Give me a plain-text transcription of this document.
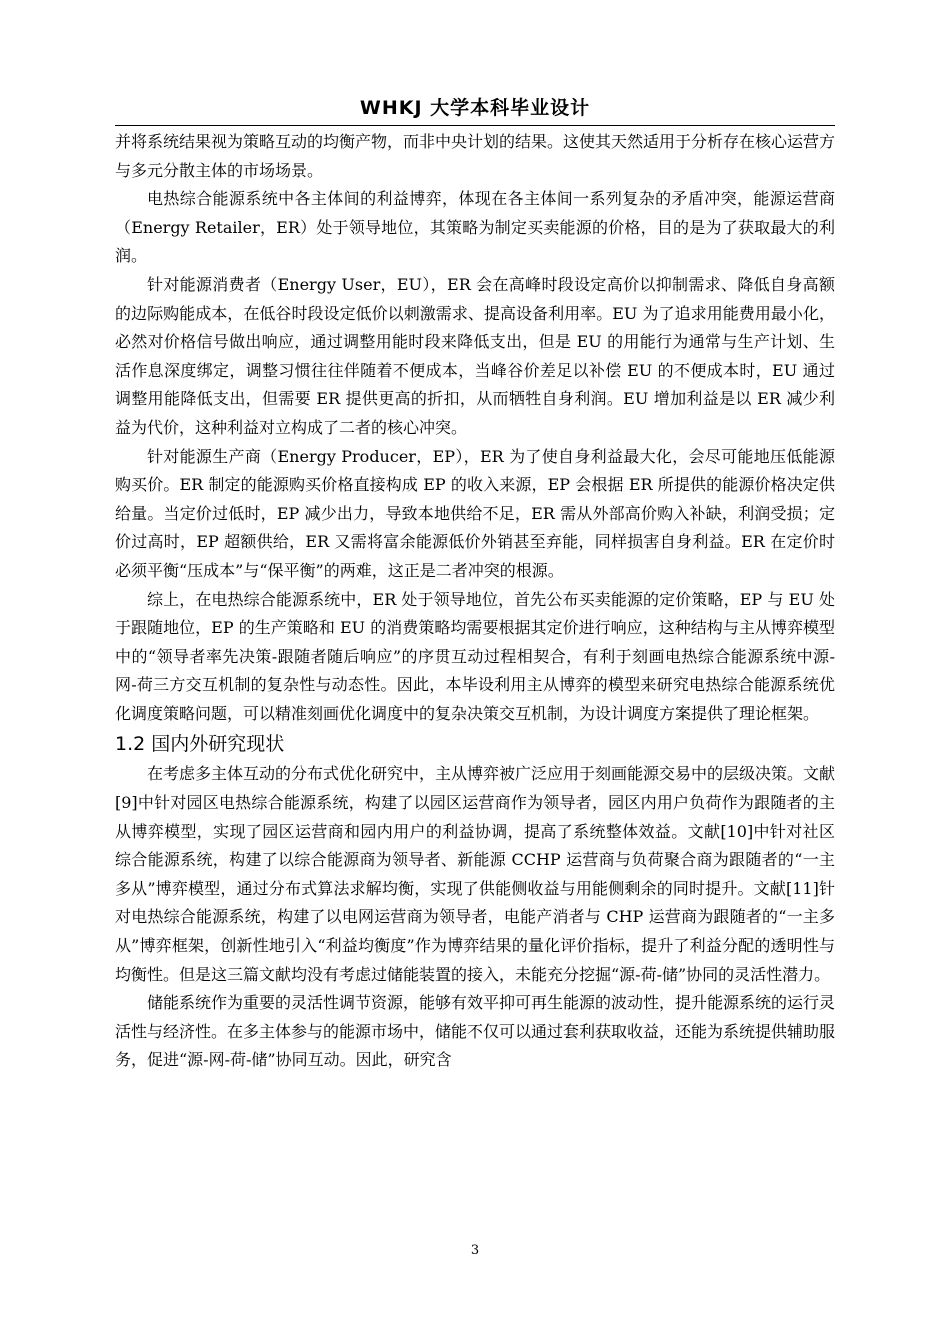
WHKJ 大学本科毕业设计

并将系统结果视为策略互动的均衡产物，而非中央计划的结果。这使其天然适用于分析存在核心运营方与多元分散主体的市场场景。

电热综合能源系统中各主体间的利益博弈，体现在各主体间一系列复杂的矛盾冲突，能源运营商（Energy Retailer，ER）处于领导地位，其策略为制定买卖能源的价格，目的是为了获取最大的利润。

针对能源消费者（Energy User，EU），ER 会在高峰时段设定高价以抑制需求、降低自身高额的边际购能成本，在低谷时段设定低价以刺激需求、提高设备利用率。EU 为了追求用能费用最小化，必然对价格信号做出响应，通过调整用能时段来降低支出，但是 EU 的用能行为通常与生产计划、生活作息深度绑定，调整习惯往往伴随着不便成本，当峰谷价差足以补偿 EU 的不便成本时，EU 通过调整用能降低支出，但需要 ER 提供更高的折扣，从而牺牲自身利润。EU 增加利益是以 ER 减少利益为代价，这种利益对立构成了二者的核心冲突。

针对能源生产商（Energy Producer，EP），ER 为了使自身利益最大化，会尽可能地压低能源购买价。ER 制定的能源购买价格直接构成 EP 的收入来源，EP 会根据 ER 所提供的能源价格决定供给量。当定价过低时，EP 减少出力，导致本地供给不足，ER 需从外部高价购入补缺，利润受损；定价过高时，EP 超额供给，ER 又需将富余能源低价外销甚至弃能，同样损害自身利益。ER 在定价时必须平衡“压成本”与“保平衡”的两难，这正是二者冲突的根源。

综上，在电热综合能源系统中，ER 处于领导地位，首先公布买卖能源的定价策略，EP 与 EU 处于跟随地位，EP 的生产策略和 EU 的消费策略均需要根据其定价进行响应，这种结构与主从博弈模型中的“领导者率先决策-跟随者随后响应”的序贯互动过程相契合，有利于刻画电热综合能源系统中源-网-荷三方交互机制的复杂性与动态性。因此，本毕设利用主从博弈的模型来研究电热综合能源系统优化调度策略问题，可以精准刻画优化调度中的复杂决策交互机制，为设计调度方案提供了理论框架。

1.2 国内外研究现状

在考虑多主体互动的分布式优化研究中，主从博弈被广泛应用于刻画能源交易中的层级决策。文献[9]中针对园区电热综合能源系统，构建了以园区运营商作为领导者，园区内用户负荷作为跟随者的主从博弈模型，实现了园区运营商和园内用户的利益协调，提高了系统整体效益。文献[10]中针对社区综合能源系统，构建了以综合能源商为领导者、新能源 CCHP 运营商与负荷聚合商为跟随者的“一主多从”博弈模型，通过分布式算法求解均衡，实现了供能侧收益与用能侧剩余的同时提升。文献[11]针对电热综合能源系统，构建了以电网运营商为领导者，电能产消者与 CHP 运营商为跟随者的“一主多从”博弈框架，创新性地引入“利益均衡度”作为博弈结果的量化评价指标，提升了利益分配的透明性与均衡性。但是这三篇文献均没有考虑过储能装置的接入，未能充分挖掘“源-荷-储”协同的灵活性潜力。

储能系统作为重要的灵活性调节资源，能够有效平抑可再生能源的波动性，提升能源系统的运行灵活性与经济性。在多主体参与的能源市场中，储能不仅可以通过套利获取收益，还能为系统提供辅助服务，促进“源-网-荷-储”协同互动。因此，研究含

3
